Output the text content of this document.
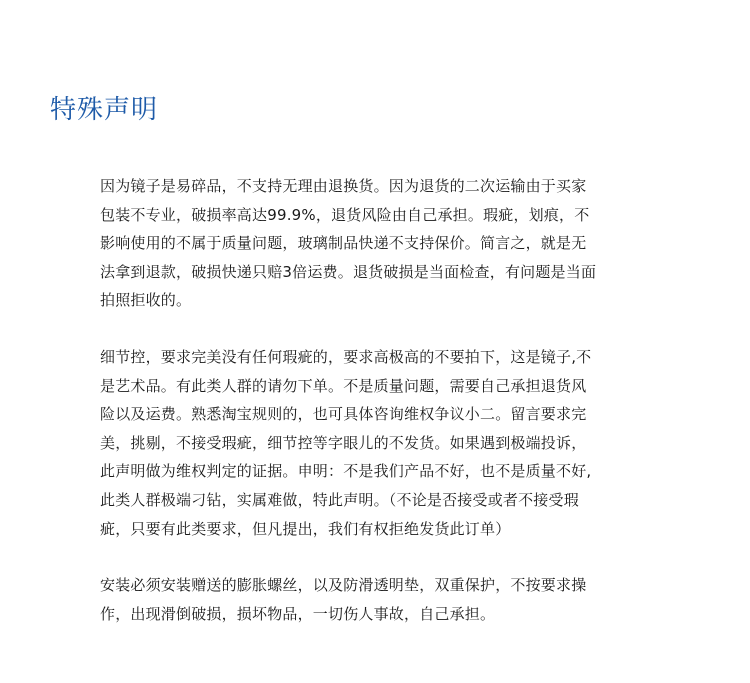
特殊声明
因为镜子是易碎品，不支持无理由退换货。因为退货的二次运输由于买家
包装不专业，破损率高达99.9%，退货风险由自己承担。瑕疵，划痕，不
影响使用的不属于质量问题，玻璃制品快递不支持保价。简言之，就是无
法拿到退款，破损快递只赔3倍运费。退货破损是当面检查，有问题是当面
拍照拒收的。
细节控，要求完美没有任何瑕疵的，要求高极高的不要拍下，这是镜子,不
是艺术品。有此类人群的请勿下单。不是质量问题，需要自己承担退货风
险以及运费。熟悉淘宝规则的，也可具体咨询维权争议小二。留言要求完
美，挑剔，不接受瑕疵，细节控等字眼儿的不发货。如果遇到极端投诉，
此声明做为维权判定的证据。申明：不是我们产品不好，也不是质量不好,
此类人群极端刁钻，实属难做，特此声明。（不论是否接受或者不接受瑕
疵，只要有此类要求，但凡提出，我们有权拒绝发货此订单）
安装必须安装赠送的膨胀螺丝，以及防滑透明垫，双重保护，不按要求操
作，出现滑倒破损，损坏物品，一切伤人事故，自己承担。
